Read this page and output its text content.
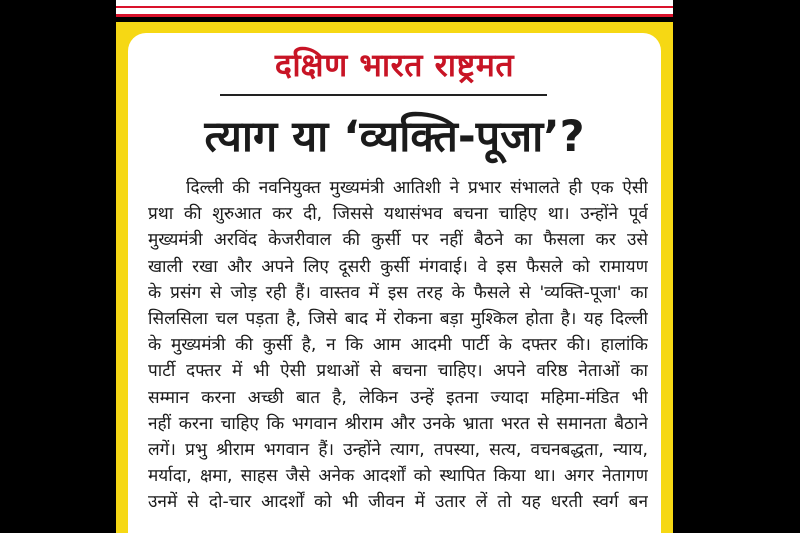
दक्षिण भारत राष्ट्रमत
त्याग या ‘व्यक्ति-पूजा’?
दिल्ली की नवनियुक्त मुख्यमंत्री आतिशी ने प्रभार संभालते ही एक ऐसी
प्रथा की शुरुआत कर दी, जिससे यथासंभव बचना चाहिए था। उन्होंने पूर्व
मुख्यमंत्री अरविंद केजरीवाल की कुर्सी पर नहीं बैठने का फैसला कर उसे
खाली रखा और अपने लिए दूसरी कुर्सी मंगवाई। वे इस फैसले को रामायण
के प्रसंग से जोड़ रही हैं। वास्तव में इस तरह के फैसले से 'व्यक्ति-पूजा' का
सिलसिला चल पड़ता है, जिसे बाद में रोकना बड़ा मुश्किल होता है। यह दिल्ली
के मुख्यमंत्री की कुर्सी है, न कि आम आदमी पार्टी के दफ्तर की। हालांकि
पार्टी दफ्तर में भी ऐसी प्रथाओं से बचना चाहिए। अपने वरिष्ठ नेताओं का
सम्मान करना अच्छी बात है, लेकिन उन्हें इतना ज्यादा महिमा-मंडित भी
नहीं करना चाहिए कि भगवान श्रीराम और उनके भ्राता भरत से समानता बैठाने
लगें। प्रभु श्रीराम भगवान हैं। उन्होंने त्याग, तपस्या, सत्य, वचनबद्धता, न्याय,
मर्यादा, क्षमा, साहस जैसे अनेक आदर्शों को स्थापित किया था। अगर नेतागण
उनमें से दो-चार आदर्शों को भी जीवन में उतार लें तो यह धरती स्वर्ग बन
